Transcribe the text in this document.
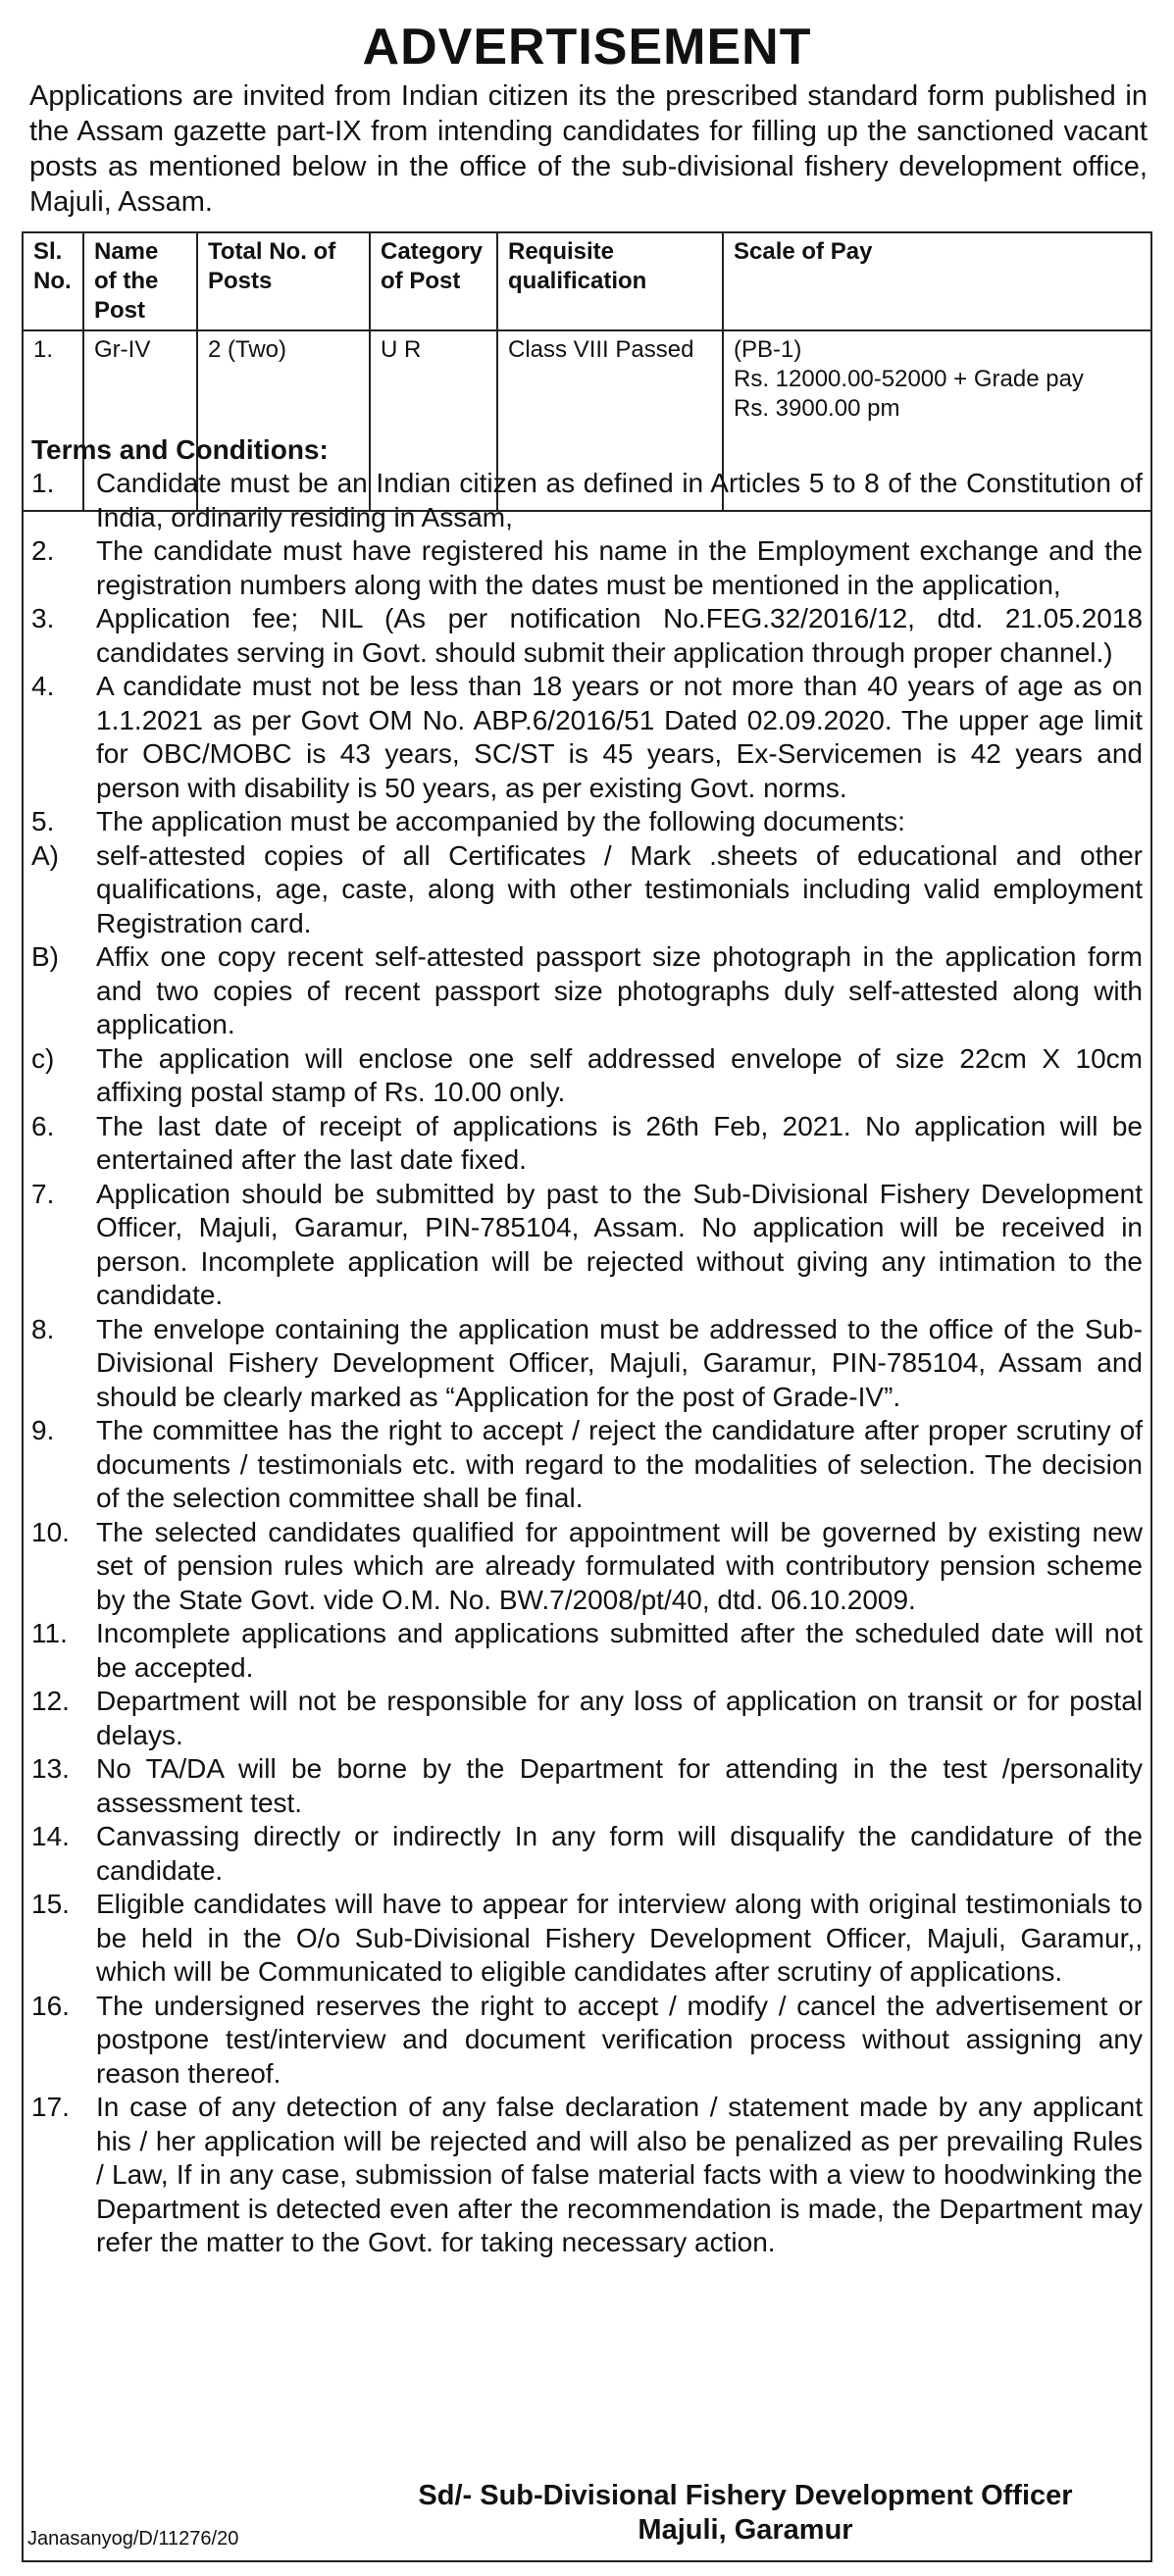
ADVERTISEMENT
Applications are invited from Indian citizen its the prescribed standard form published in the Assam gazette part-IX from intending candidates for filling up the sanctioned vacant posts as mentioned below in the office of the sub-divisional fishery development office, Majuli, Assam.
Sl. No.	Name of the Post	Total No. of Posts	Category of Post	Requisite qualification	Scale of Pay
1.	Gr-IV	2 (Two)	U R	Class VIII Passed	(PB-1)
Rs. 12000.00-52000 + Grade pay
Rs. 3900.00 pm
Terms and Conditions:
1.	Candidate must be an Indian citizen as defined in Articles 5 to 8 of the Constitution of India, ordinarily residing in Assam,
2.	The candidate must have registered his name in the Employment exchange and the registration numbers along with the dates must be mentioned in the application,
3.	Application fee; NIL (As per notification No.FEG.32/2016/12, dtd. 21.05.2018 candidates serving in Govt. should submit their application through proper channel.)
4.	A candidate must not be less than 18 years or not more than 40 years of age as on 1.1.2021 as per Govt OM No. ABP.6/2016/51 Dated 02.09.2020. The upper age limit for OBC/MOBC is 43 years, SC/ST is 45 years, Ex-Servicemen is 42 years and person with disability is 50 years, as per existing Govt. norms.
5.	The application must be accompanied by the following documents:
A)	self-attested copies of all Certificates / Mark .sheets of educational and other qualifications, age, caste, along with other testimonials including valid employment Registration card.
B)	Affix one copy recent self-attested passport size photograph in the application form and two copies of recent passport size photographs duly self-attested along with application.
c)	The application will enclose one self addressed envelope of size 22cm X 10cm affixing postal stamp of Rs. 10.00 only.
6.	The last date of receipt of applications is 26th Feb, 2021. No application will be entertained after the last date fixed.
7.	Application should be submitted by past to the Sub-Divisional Fishery Development Officer, Majuli, Garamur, PIN-785104, Assam. No application will be received in person. Incomplete application will be rejected without giving any intimation to the candidate.
8.	The envelope containing the application must be addressed to the office of the Sub- Divisional Fishery Development Officer, Majuli, Garamur, PIN-785104, Assam and should be clearly marked as “Application for the post of Grade-IV”.
9.	The committee has the right to accept / reject the candidature after proper scrutiny of documents / testimonials etc. with regard to the modalities of selection. The decision of the selection committee shall be final.
10. The selected candidates qualified for appointment will be governed by existing new set of pension rules which are already formulated with contributory pension scheme by the State Govt. vide O.M. No. BW.7/2008/pt/40, dtd. 06.10.2009.
11.	Incomplete applications and applications submitted after the scheduled date will not be accepted.
12. Department will not be responsible for any loss of application on transit or for postal delays.
13. No TA/DA will be borne by the Department for attending in the test /personality assessment test.
14. Canvassing directly or indirectly In any form will disqualify the candidature of the candidate.
15. Eligible candidates will have to appear for interview along with original testimonials to be held in the O/o Sub-Divisional Fishery Development Officer, Majuli, Garamur,, which will be Communicated to eligible candidates after scrutiny of applications.
16. The undersigned reserves the right to accept / modify / cancel the advertisement or postpone test/interview and document verification process without assigning any reason thereof.
17. In case of any detection of any false declaration / statement made by any applicant his / her application will be rejected and will also be penalized as per prevailing Rules / Law, If in any case, submission of false material facts with a view to hoodwinking the Department is detected even after the recommendation is made, the Department may refer the matter to the Govt. for taking necessary action.
Sd/- Sub-Divisional Fishery Development Officer
Majuli, Garamur
Janasanyog/D/11276/20
